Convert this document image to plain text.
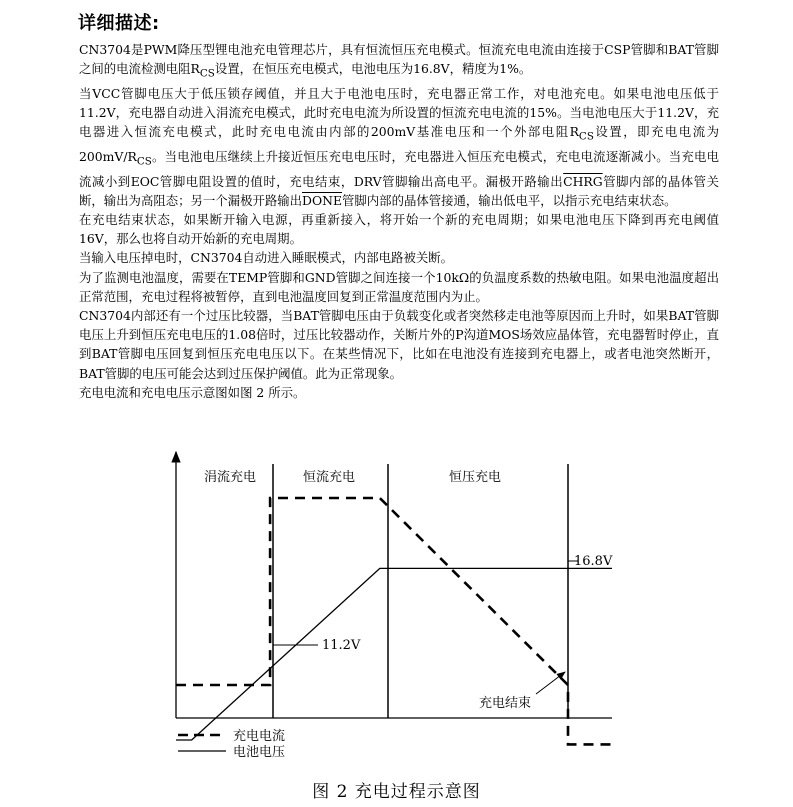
详细描述:

CN3704是PWM降压型锂电池充电管理芯片，具有恒流恒压充电模式。恒流充电电流由连接于CSP管脚和BAT管脚之间的电流检测电阻$R_{CS}$设置，在恒压充电模式，电池电压为16.8V，精度为1%。

当VCC管脚电压大于低压锁存阈值，并且大于电池电压时，充电器正常工作，对电池充电。如果电池电压低于11.2V，充电器自动进入涓流充电模式，此时充电电流为所设置的恒流充电电流的15%。当电池电压大于11.2V，充电器进入恒流充电模式，此时充电电流由内部的200mV基准电压和一个外部电阻$R_{CS}$设置，即充电电流为$200mV/R_{CS}$。当电池电压继续上升接近恒压充电电压时，充电器进入恒压充电模式，充电电流逐渐减小。当充电电流减小到EOC管脚电阻设置的值时，充电结束，DRV管脚输出高电平。漏极开路输出CHRG管脚内部的晶体管关断，输出为高阻态；另一个漏极开路输出DONE管脚内部的晶体管接通，输出低电平，以指示充电结束状态。

在充电结束状态，如果断开输入电源，再重新接入，将开始一个新的充电周期；如果电池电压下降到再充电阈值16V，那么也将自动开始新的充电周期。

当输入电压掉电时，CN3704自动进入睡眠模式，内部电路被关断。

为了监测电池温度，需要在TEMP管脚和GND管脚之间连接一个10kΩ的负温度系数的热敏电阻。如果电池温度超出正常范围，充电过程将被暂停，直到电池温度回复到正常温度范围内为止。

CN3704内部还有一个过压比较器，当BAT管脚电压由于负载变化或者突然移走电池等原因而上升时，如果BAT管脚电压上升到恒压充电电压的1.08倍时，过压比较器动作，关断片外的P沟道MOS场效应晶体管，充电器暂时停止，直到BAT管脚电压回复到恒压充电电压以下。在某些情况下，比如在电池没有连接到充电器上，或者电池突然断开，BAT管脚的电压可能会达到过压保护阈值。此为正常现象。

充电电流和充电电压示意图如图 2 所示。

涓流充电	恒流充电	恒压充电
16.8V
11.2V
充电结束
充电电流
电池电压
图 2 充电过程示意图
